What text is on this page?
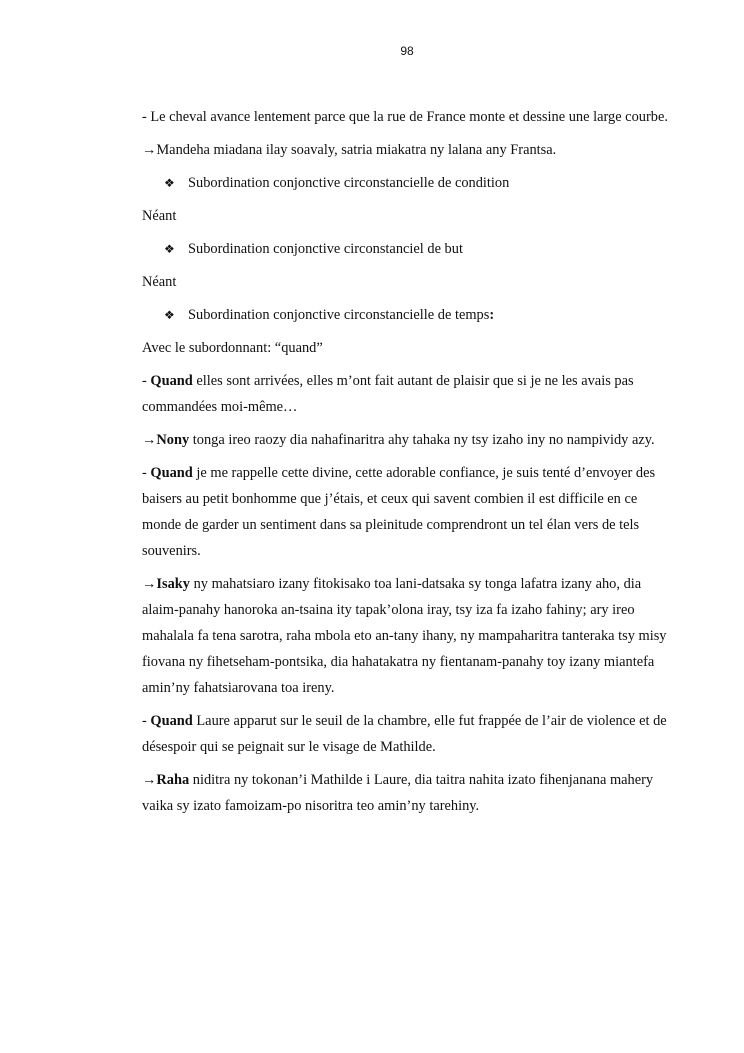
98

- Le cheval avance lentement parce que la rue de France monte et dessine une large courbe.

→Mandeha miadana ilay soavaly, satria miakatra ny lalana any Frantsa.

❖ Subordination conjonctive circonstancielle de condition

Néant

❖ Subordination conjonctive circonstanciel de but

Néant

❖ Subordination conjonctive circonstancielle de temps:

Avec le subordonnant: “quand”

- Quand elles sont arrivées, elles m’ont fait autant de plaisir que si je ne les avais pas commandées moi-même…

→Nony tonga ireo raozy dia nahafinaritra ahy tahaka ny tsy izaho iny no nampividy azy.

- Quand je me rappelle cette divine, cette adorable confiance, je suis tenté d’envoyer des baisers au petit bonhomme que j’étais, et ceux qui savent combien il est difficile en ce monde de garder un sentiment dans sa pleinitude comprendront un tel élan vers de tels souvenirs.

→Isaky ny mahatsiaro izany fitokisako toa lani-datsaka sy tonga lafatra izany aho, dia alaim-panahy hanoroka an-tsaina ity tapak’olona iray, tsy iza fa izaho fahiny; ary ireo mahalala fa tena sarotra, raha mbola eto an-tany ihany, ny mampaharitra tanteraka tsy misy fiovana ny fihetseham-pontsika, dia hahatakatra ny fientanam-panahy toy izany miantefa amin’ny fahatsiarovana toa ireny.

- Quand Laure apparut sur le seuil de la chambre, elle fut frappée de l’air de violence et de désespoir qui se peignait sur le visage de Mathilde.

→Raha niditra ny tokonan’i Mathilde i Laure, dia taitra nahita izato fihenjanana mahery vaika sy izato famoizam-po nisoritra teo amin’ny tarehiny.
